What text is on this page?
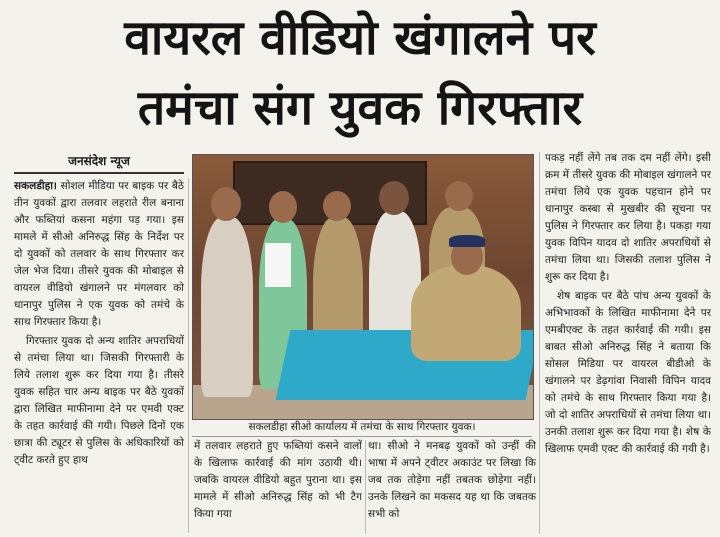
वायरल वीडियो खंगालने पर
तमंचा संग युवक गिरफ्तार
जनसंदेश न्यूज

सकलडीहा। सोशल मीडिया पर बाइक पर बैठे तीन युवकों द्वारा तलवार लहराते रील बनाना और फब्तियां कसना महंगा पड़ गया। इस मामले में सीओ अनिरुद्ध सिंह के निर्देश पर दो युवकों को तलवार के साथ गिरफ्तार कर जेल भेज दिया। तीसरे युवक की मोबाइल से वायरल वीडियो खंगालने पर मंगलवार को धानापुर पुलिस ने एक युवक को तमंचे के साथ गिरफ्तार किया है।

गिरफ्तार युवक दो अन्य शातिर अपराधियों से तमंचा लिया था। जिसकी गिरफ्तारी के लिये तलाश शुरू कर दिया गया है। तीसरे युवक सहित चार अन्य बाइक पर बैठे युवकों द्वारा लिखित माफीनामा देने पर एमवी एक्ट के तहत कार्रवाई की गयी। पिछले दिनों एक छात्रा की ट्यूटर से पुलिस के अधिकारियों को ट्वीट करते हुए हाथ

सकलडीहा सीओ कार्यालय में तमंचा के साथ गिरफ्तार युवक।

में तलवार लहराते हुए फब्तियां कसने वालों के खिलाफ कार्रवाई की मांग उठायी थी। जबकि वायरल वीडियो बहुत पुराना था। इस मामले में सीओ अनिरुद्ध सिंह को भी टैग किया गया

था। सीओ ने मनबढ़ युवकों को उन्हीं की भाषा में अपने ट्वीटर अकाउंट पर लिखा कि जब तक तोड़ेगा नहीं तबतक छोड़ेगा नहीं। उनके लिखने का मकसद यह था कि जबतक सभी को

पकड़ नहीं लेंगे तब तक दम नहीं लेंगे। इसी क्रम में तीसरे युवक की मोबाइल खंगालने पर तमंचा लिये एक युवक पहचान होने पर धानापुर कस्बा से मुखबीर की सूचना पर पुलिस ने गिरफ्तार कर लिया है। पकड़ा गया युवक विपिन यादव दो शातिर अपराधियों से तमंचा लिया था। जिसकी तलाश पुलिस ने शुरू कर दिया है।

शेष बाइक पर बैठे पांच अन्य युवकों के अभिभावकों के लिखित माफीनामा देने पर एमबीएक्ट के तहत कार्रवाई की गयी। इस बाबत सीओ अनिरुद्ध सिंह ने बताया कि सोसल मिडिया पर वायरल बीडीओ के खंगालने पर डेढ़गांवा निवासी विपिन यादव को तमंचे के साथ गिरफ्तार किया गया है। जो दो शातिर अपराधियों से तमंचा लिया था। उनकी तलाश शुरू कर दिया गया है। शेष के खिलाफ एमवी एक्ट की कार्रवाई की गयी है।
